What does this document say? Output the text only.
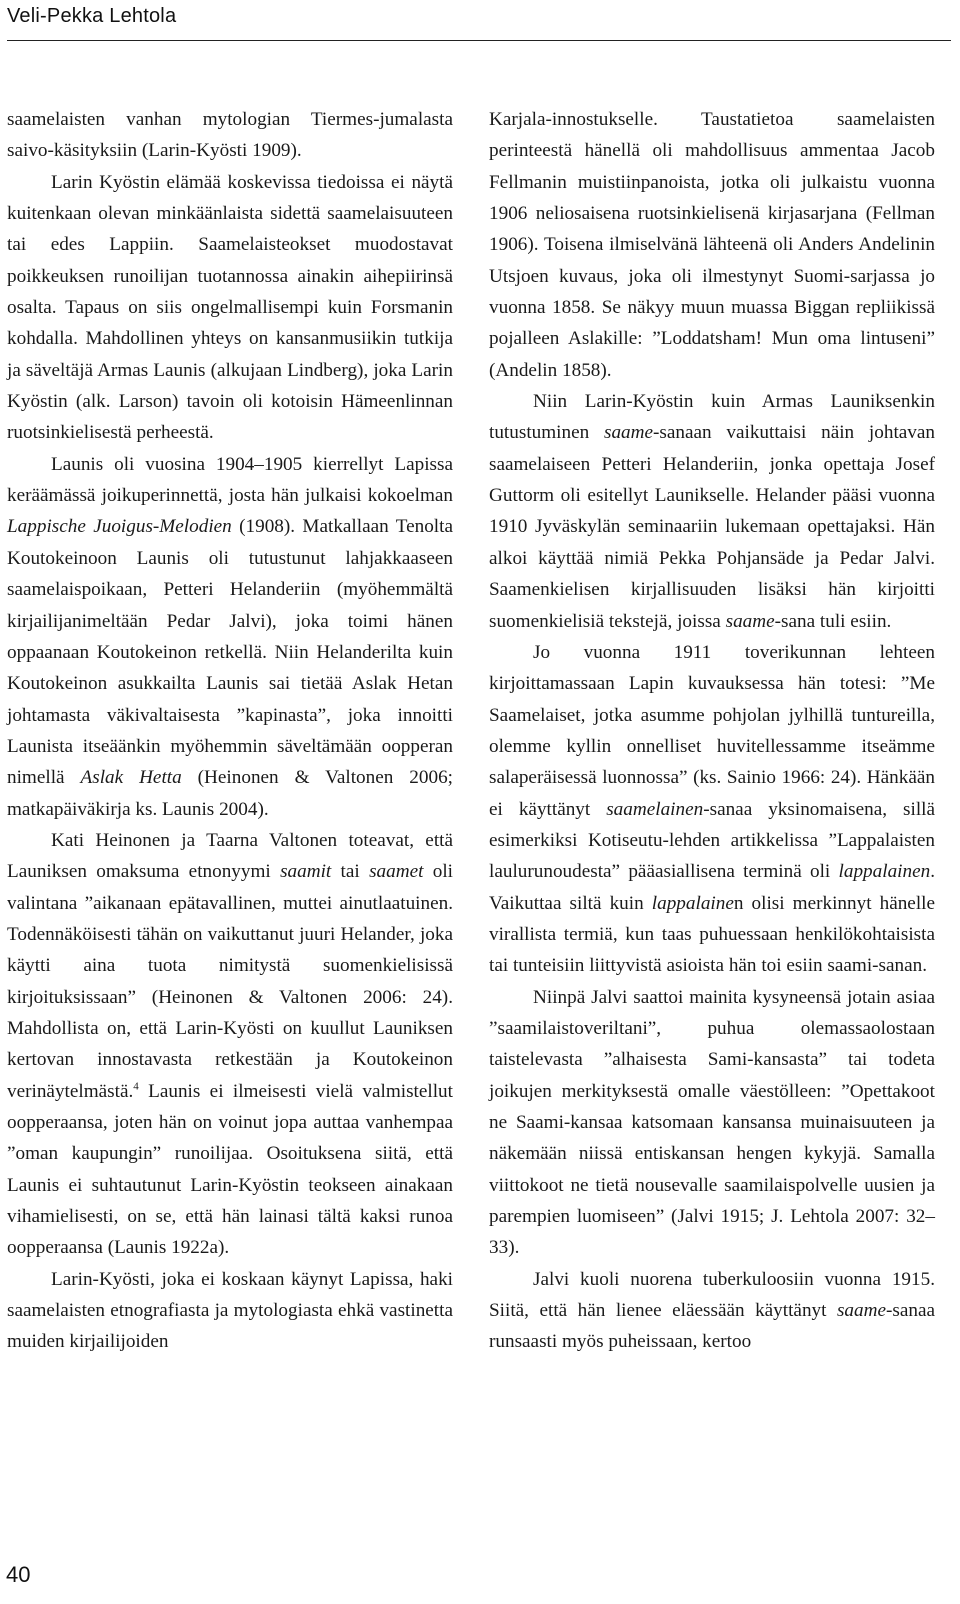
Veli-Pekka Lehtola

saamelaisten vanhan mytologian Tiermes-jumalasta saivo-käsityksiin (Larin-Kyösti 1909).

Larin Kyöstin elämää koskevissa tiedoissa ei näytä kuitenkaan olevan minkäänlaista sidettä saamelaisuuteen tai edes Lappiin. Saamelaisteokset muodostavat poikkeuksen runoilijan tuotannossa ainakin aihepiirinsä osalta. Tapaus on siis ongelmallisempi kuin Forsmanin kohdalla. Mahdollinen yhteys on kansanmusiikin tutkija ja säveltäjä Armas Launis (alkujaan Lindberg), joka Larin Kyöstin (alk. Larson) tavoin oli kotoisin Hämeenlinnan ruotsinkielisestä perheestä.

Launis oli vuosina 1904–1905 kierrellyt Lapissa keräämässä joikuperinnettä, josta hän julkaisi kokoelman Lappische Juoigus-Melodien (1908). Matkallaan Tenolta Koutokeinoon Launis oli tutustunut lahjakkaaseen saamelaispoikaan, Petteri Helanderiin (myöhemmältä kirjailijanimeltään Pedar Jalvi), joka toimi hänen oppaanaan Koutokeinon retkellä. Niin Helanderilta kuin Koutokeinon asukkailta Launis sai tietää Aslak Hetan johtamasta väkivaltaisesta ”kapinasta”, joka innoitti Launista itseäänkin myöhemmin säveltämään oopperan nimellä Aslak Hetta (Heinonen & Valtonen 2006; matkapäiväkirja ks. Launis 2004).

Kati Heinonen ja Taarna Valtonen toteavat, että Launiksen omaksuma etnonyymi saamit tai saamet oli valintana ”aikanaan epätavallinen, muttei ainutlaatuinen. Todennäköisesti tähän on vaikuttanut juuri Helander, joka käytti aina tuota nimitystä suomenkielisissä kirjoituksissaan” (Heinonen & Valtonen 2006: 24). Mahdollista on, että Larin-Kyösti on kuullut Launiksen kertovan innostavasta retkestään ja Koutokeinon verinäytelmästä.$^4$ Launis ei ilmeisesti vielä valmistellut oopperaansa, joten hän on voinut jopa auttaa vanhempaa ”oman kaupungin” runoilijaa. Osoituksena siitä, että Launis ei suhtautunut Larin-Kyöstin teokseen ainakaan vihamielisesti, on se, että hän lainasi tältä kaksi runoa oopperaansa (Launis 1922a).

Larin-Kyösti, joka ei koskaan käynyt Lapissa, haki saamelaisten etnografiasta ja mytologiasta ehkä vastinetta muiden kirjailijoiden

Karjala-innostukselle. Taustatietoa saamelaisten perinteestä hänellä oli mahdollisuus ammentaa Jacob Fellmanin muistiinpanoista, jotka oli julkaistu vuonna 1906 neliosaisena ruotsinkielisenä kirjasarjana (Fellman 1906). Toisena ilmiselvänä lähteenä oli Anders Andelinin Utsjoen kuvaus, joka oli ilmestynyt Suomi-sarjassa jo vuonna 1858. Se näkyy muun muassa Biggan repliikissä pojalleen Aslakille: ”Loddatsham! Mun oma lintuseni” (Andelin 1858).

Niin Larin-Kyöstin kuin Armas Launiksenkin tutustuminen saame-sanaan vaikuttaisi näin johtavan saamelaiseen Petteri Helanderiin, jonka opettaja Josef Guttorm oli esitellyt Launikselle. Helander pääsi vuonna 1910 Jyväskylän seminaariin lukemaan opettajaksi. Hän alkoi käyttää nimiä Pekka Pohjansäde ja Pedar Jalvi. Saamenkielisen kirjallisuuden lisäksi hän kirjoitti suomenkielisiä tekstejä, joissa saame-sana tuli esiin.

Jo vuonna 1911 toverikunnan lehteen kirjoittamassaan Lapin kuvauksessa hän totesi: ”Me Saamelaiset, jotka asumme pohjolan jylhillä tuntureilla, olemme kyllin onnelliset huvitellessamme itseämme salaperäisessä luonnossa” (ks. Sainio 1966: 24). Hänkään ei käyttänyt saamelainen-sanaa yksinomaisena, sillä esimerkiksi Kotiseutu-lehden artikkelissa ”Lappalaisten laulurunoudesta” pääasiallisena terminä oli lappalainen. Vaikuttaa siltä kuin lappalainen olisi merkinnyt hänelle virallista termiä, kun taas puhuessaan henkilökohtaisista tai tunteisiin liittyvistä asioista hän toi esiin saami-sanan.

Niinpä Jalvi saattoi mainita kysyneensä jotain asiaa ”saamilaistoveriltani”, puhua olemassaolostaan taistelevasta ”alhaisesta Sami-kansasta” tai todeta joikujen merkityksestä omalle väestölleen: ”Opettakoot ne Saami-kansaa katsomaan kansansa muinaisuuteen ja näkemään niissä entiskansan hengen kykyjä. Samalla viittokoot ne tietä nousevalle saamilaispolvelle uusien ja parempien luomiseen” (Jalvi 1915; J. Lehtola 2007: 32–33).

Jalvi kuoli nuorena tuberkuloosiin vuonna 1915. Siitä, että hän lienee eläessään käyttänyt saame-sanaa runsaasti myös puheissaan, kertoo

40
